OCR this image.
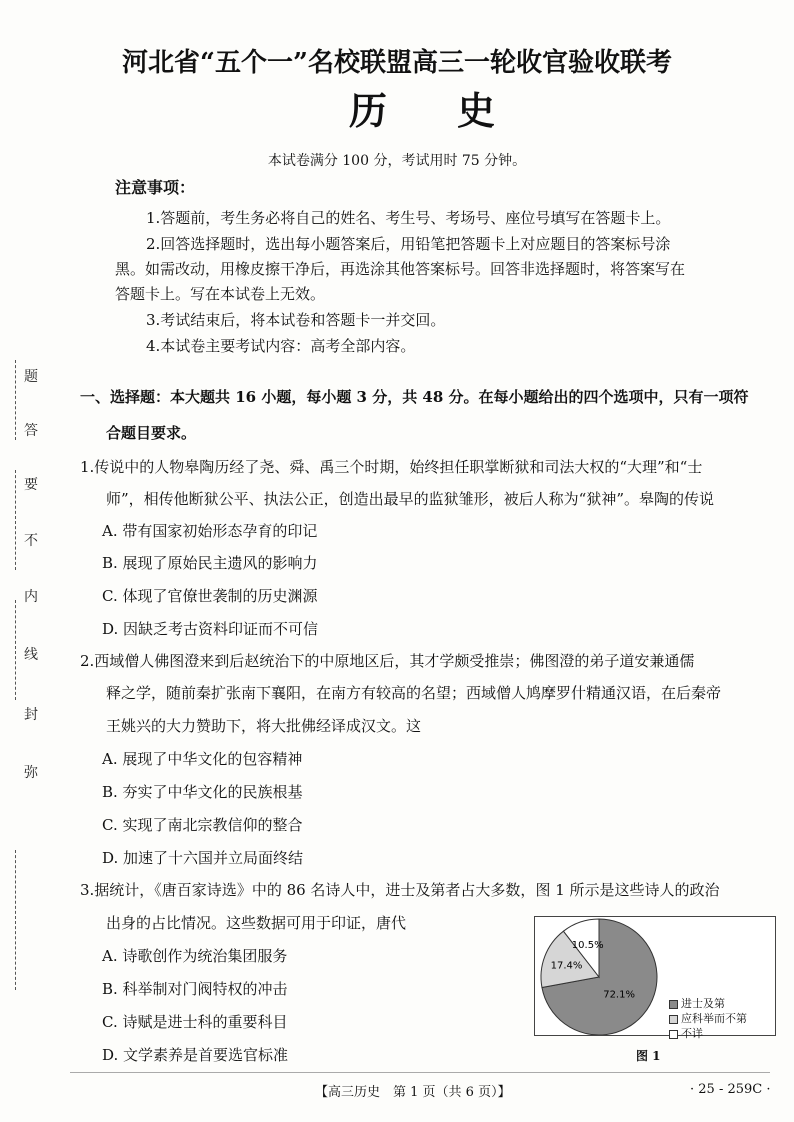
题
答
要
不
内
线
封
弥
河北省“五个一”名校联盟高三一轮收官验收联考
历史
本试卷满分 100 分，考试用时 75 分钟。
注意事项：
1.答题前，考生务必将自己的姓名、考生号、考场号、座位号填写在答题卡上。
2.回答选择题时，选出每小题答案后，用铅笔把答题卡上对应题目的答案标号涂
黑。如需改动，用橡皮擦干净后，再选涂其他答案标号。回答非选择题时，将答案写在
答题卡上。写在本试卷上无效。
3.考试结束后，将本试卷和答题卡一并交回。
4.本试卷主要考试内容：高考全部内容。
一、选择题：本大题共 16 小题，每小题 3 分，共 48 分。在每小题给出的四个选项中，只有一项符
合题目要求。
1.传说中的人物皋陶历经了尧、舜、禹三个时期，始终担任职掌断狱和司法大权的“大理”和“士
师”，相传他断狱公平、执法公正，创造出最早的监狱雏形，被后人称为“狱神”。皋陶的传说
A. 带有国家初始形态孕育的印记
B. 展现了原始民主遗风的影响力
C. 体现了官僚世袭制的历史渊源
D. 因缺乏考古资料印证而不可信
2.西域僧人佛图澄来到后赵统治下的中原地区后，其才学颇受推崇；佛图澄的弟子道安兼通儒
释之学，随前秦扩张南下襄阳，在南方有较高的名望；西域僧人鸠摩罗什精通汉语，在后秦帝
王姚兴的大力赞助下，将大批佛经译成汉文。这
A. 展现了中华文化的包容精神
B. 夯实了中华文化的民族根基
C. 实现了南北宗教信仰的整合
D. 加速了十六国并立局面终结
3.据统计，《唐百家诗选》中的 86 名诗人中，进士及第者占大多数，图 1 所示是这些诗人的政治
出身的占比情况。这些数据可用于印证，唐代
A. 诗歌创作为统治集团服务
B. 科举制对门阀特权的冲击
C. 诗赋是进士科的重要科目
D. 文学素养是首要选官标准
72.1%
17.4%
10.5%
进士及第
应科举而不第
不详
图 1
【高三历史　第 1 页（共 6 页）】	· 25 - 259C ·
